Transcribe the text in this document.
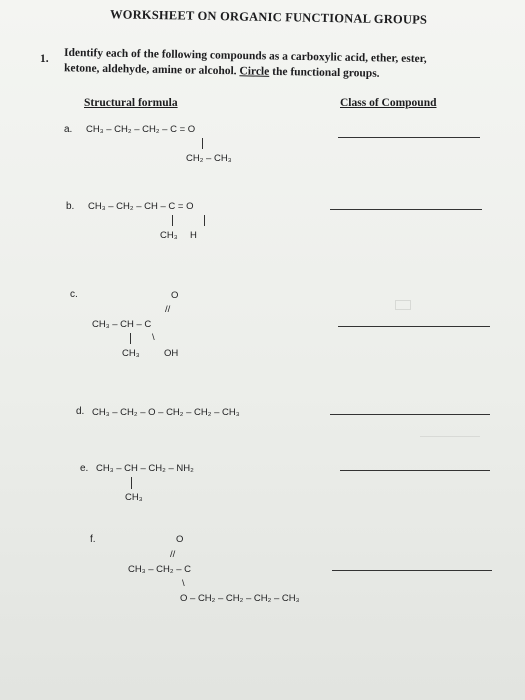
WORKSHEET ON ORGANIC FUNCTIONAL GROUPS
1. Identify each of the following compounds as a carboxylic acid, ether, ester,
ketone, aldehyde, amine or alcohol. Circle the functional groups.
Structural formula	Class of Compound
a. CH₃ – CH₂ – CH₂ – C = O
CH₂ – CH₃
b. CH₃ – CH₂ – CH – C = O
CH₃ H
c.	O
//
CH₃ – CH – C
\
CH₃	OH
d. CH₃ – CH₂ – O – CH₂ – CH₂ – CH₃
e. CH₃ – CH – CH₂ – NH₂
CH₃
f.	O
//
CH₃ – CH₂ – C
\
O – CH₂ – CH₂ – CH₂ – CH₃
